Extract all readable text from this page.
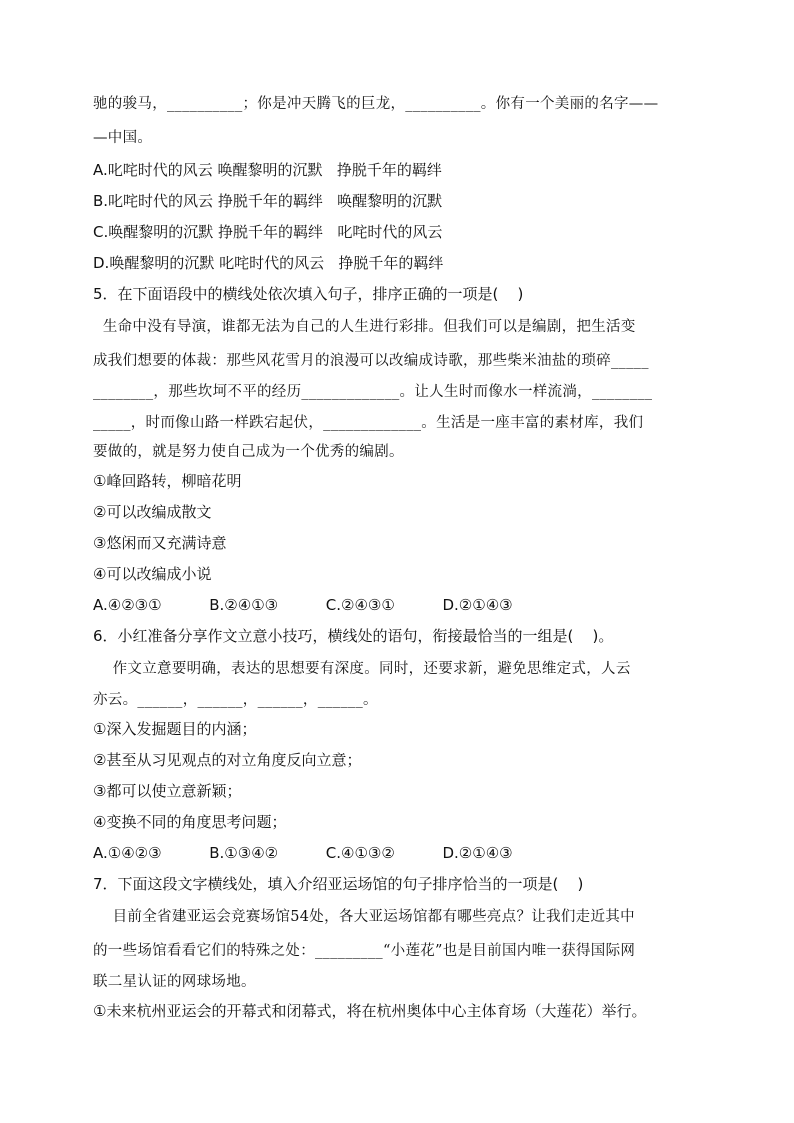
驰的骏马，__________；你是冲天腾飞的巨龙，__________。你有一个美丽的名字——
—中国。
A.叱咤时代的风云 唤醒黎明的沉默   挣脱千年的羁绊
B.叱咤时代的风云 挣脱千年的羁绊   唤醒黎明的沉默
C.唤醒黎明的沉默 挣脱千年的羁绊   叱咤时代的风云
D.唤醒黎明的沉默 叱咤时代的风云   挣脱千年的羁绊
5．在下面语段中的横线处依次填入句子，排序正确的一项是(    )
生命中没有导演，谁都无法为自己的人生进行彩排。但我们可以是编剧，把生活变
成我们想要的体裁：那些风花雪月的浪漫可以改编成诗歌，那些柴米油盐的琐碎_____
________，那些坎坷不平的经历_____________。让人生时而像水一样流淌，________
_____，时而像山路一样跌宕起伏，_____________。生活是一座丰富的素材库，我们
要做的，就是努力使自己成为一个优秀的编剧。
①峰回路转，柳暗花明
②可以改编成散文
③悠闲而又充满诗意
④可以改编成小说
A.④②③①          B.②④①③          C.②④③①          D.②①④③
6．小红准备分享作文立意小技巧，横线处的语句，衔接最恰当的一组是(    )。
作文立意要明确，表达的思想要有深度。同时，还要求新，避免思维定式，人云
亦云。______，______，______，______。
①深入发掘题目的内涵；
②甚至从习见观点的对立角度反向立意；
③都可以使立意新颖；
④变换不同的角度思考问题；
A.①④②③          B.①③④②          C.④①③②          D.②①④③
7．下面这段文字横线处，填入介绍亚运场馆的句子排序恰当的一项是(    )
目前全省建亚运会竞赛场馆54处，各大亚运场馆都有哪些亮点？让我们走近其中
的一些场馆看看它们的特殊之处：_________“小莲花”也是目前国内唯一获得国际网
联二星认证的网球场地。
①未来杭州亚运会的开幕式和闭幕式，将在杭州奥体中心主体育场（大莲花）举行。
